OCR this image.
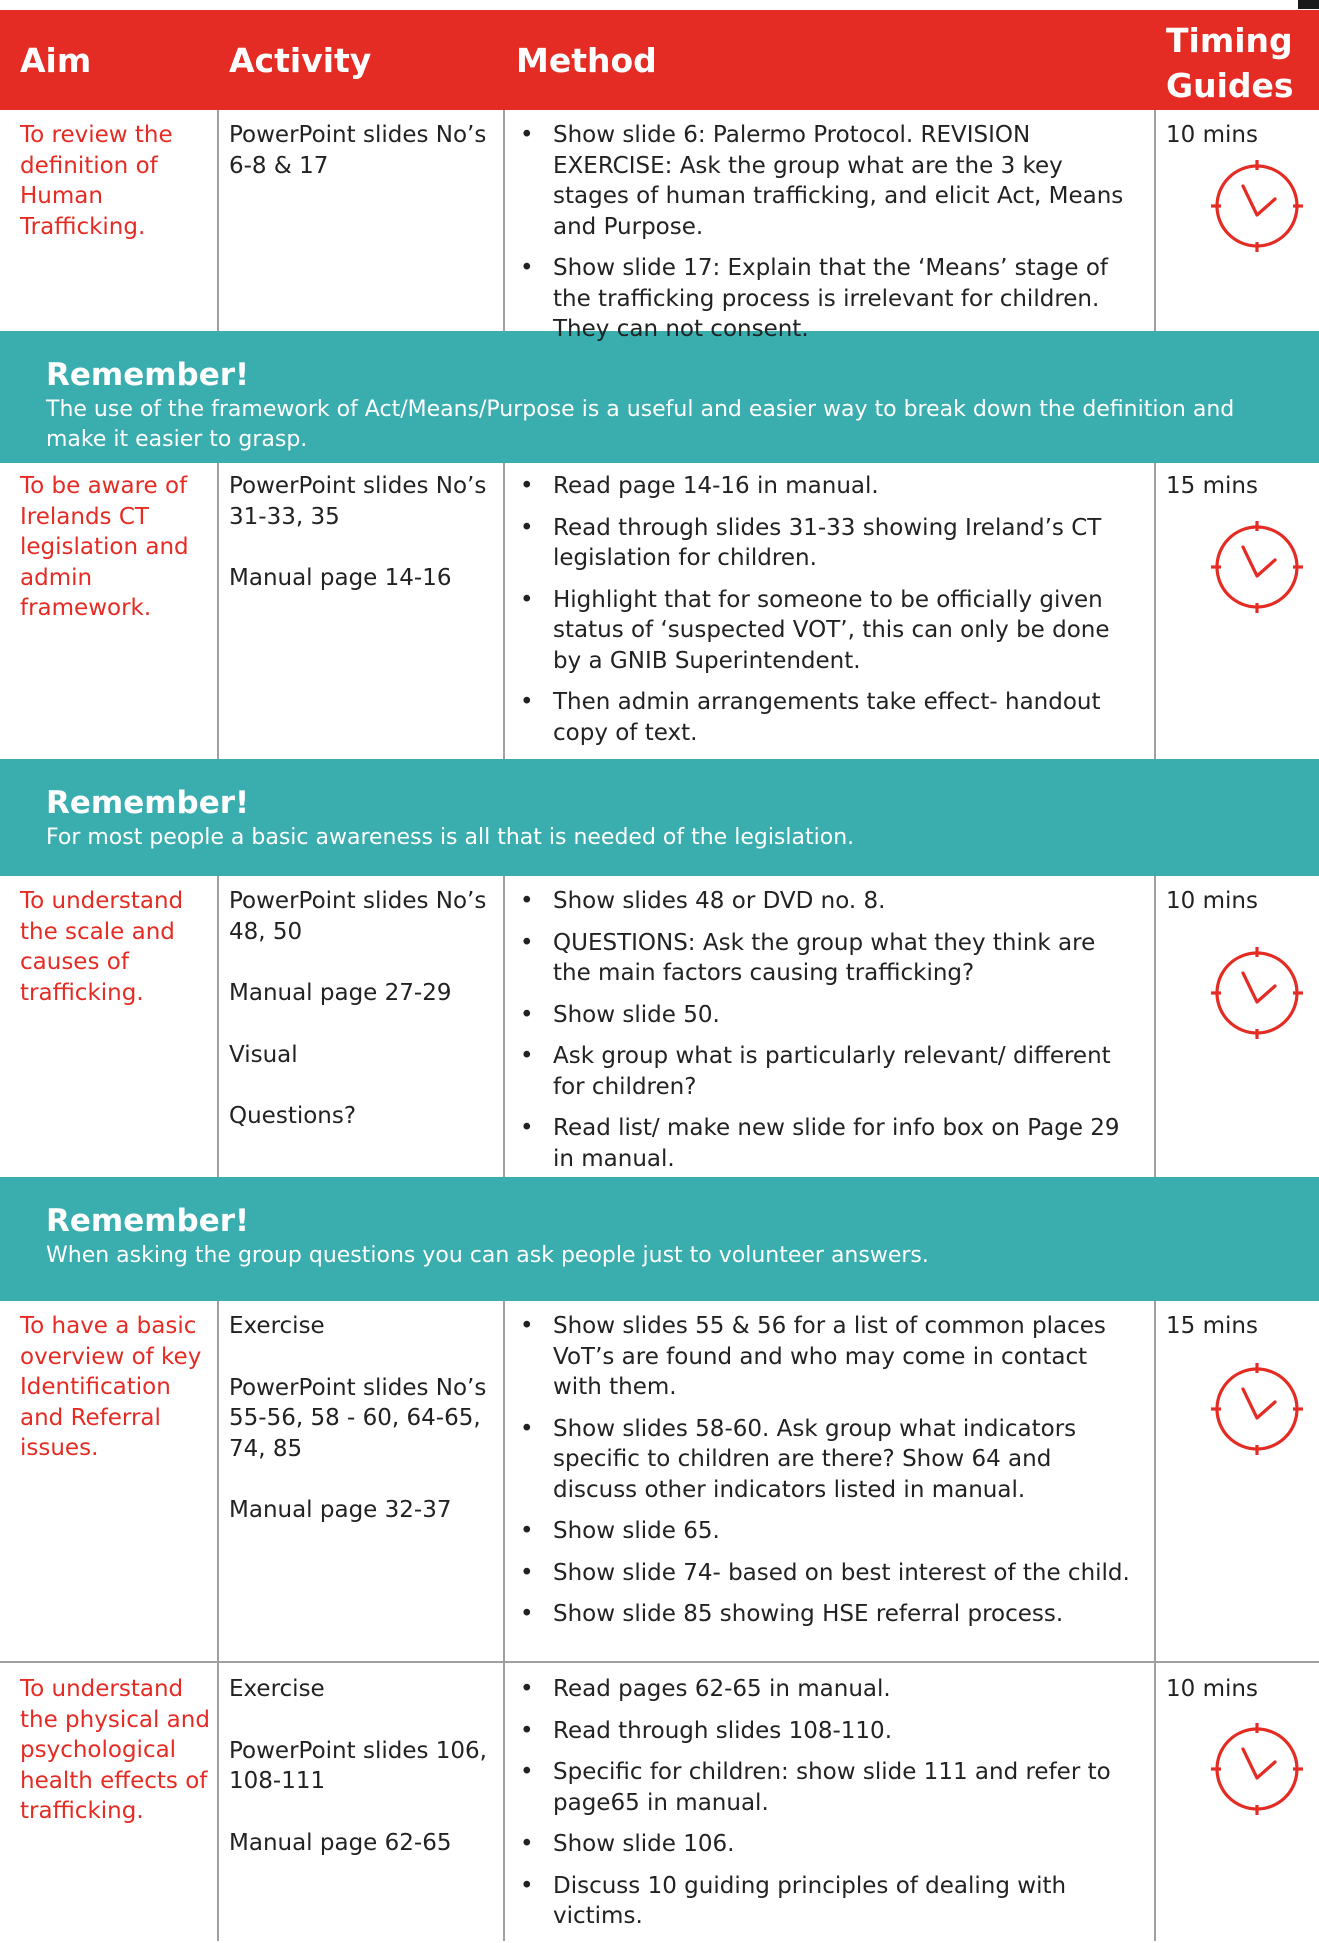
Aim	Activity	Method
Timing
Guides
Remember!
The use of the framework of Act/Means/Purpose is a useful and easier way to break down the definition and make it easier to grasp.
Remember!
For most people a basic awareness is all that is needed of the legislation.
Remember!
When asking the group questions you can ask people just to volunteer answers.
To review the definition of Human Trafficking.

PowerPoint slides No’s 6-8 & 17

• Show slide 6: Palermo Protocol. REVISION EXERCISE: Ask the group what are the 3 key stages of human trafficking, and elicit Act, Means and Purpose.
• Show slide 17: Explain that the ‘Means’ stage of the trafficking process is irrelevant for children. They can not consent.
10 mins
To be aware of Irelands CT legislation and admin framework.

PowerPoint slides No’s 31-33, 35

Manual page 14-16

• Read page 14-16 in manual.
• Read through slides 31-33 showing Ireland’s CT legislation for children.
• Highlight that for someone to be officially given status of ‘suspected VOT’, this can only be done by a GNIB Superintendent.
• Then admin arrangements take effect- handout copy of text.
15 mins
To understand the scale and causes of trafficking.

PowerPoint slides No’s 48, 50

Manual page 27-29

Visual

Questions?

• Show slides 48 or DVD no. 8.
• QUESTIONS: Ask the group what they think are the main factors causing trafficking?
• Show slide 50.
• Ask group what is particularly relevant/ different for children?
• Read list/ make new slide for info box on Page 29 in manual.
10 mins
To have a basic overview of key Identification and Referral issues.

Exercise

PowerPoint slides No’s 55-56, 58 - 60, 64-65, 74, 85

Manual page 32-37

• Show slides 55 & 56 for a list of common places VoT’s are found and who may come in contact with them.
• Show slides 58-60. Ask group what indicators specific to children are there? Show 64 and discuss other indicators listed in manual.
• Show slide 65.
• Show slide 74- based on best interest of the child.
• Show slide 85 showing HSE referral process.
15 mins
To understand the physical and psychological health effects of trafficking.

Exercise

PowerPoint slides 106, 108-111

Manual page 62-65

• Read pages 62-65 in manual.
• Read through slides 108-110.
• Specific for children: show slide 111 and refer to page65 in manual.
• Show slide 106.
• Discuss 10 guiding principles of dealing with victims.
10 mins
